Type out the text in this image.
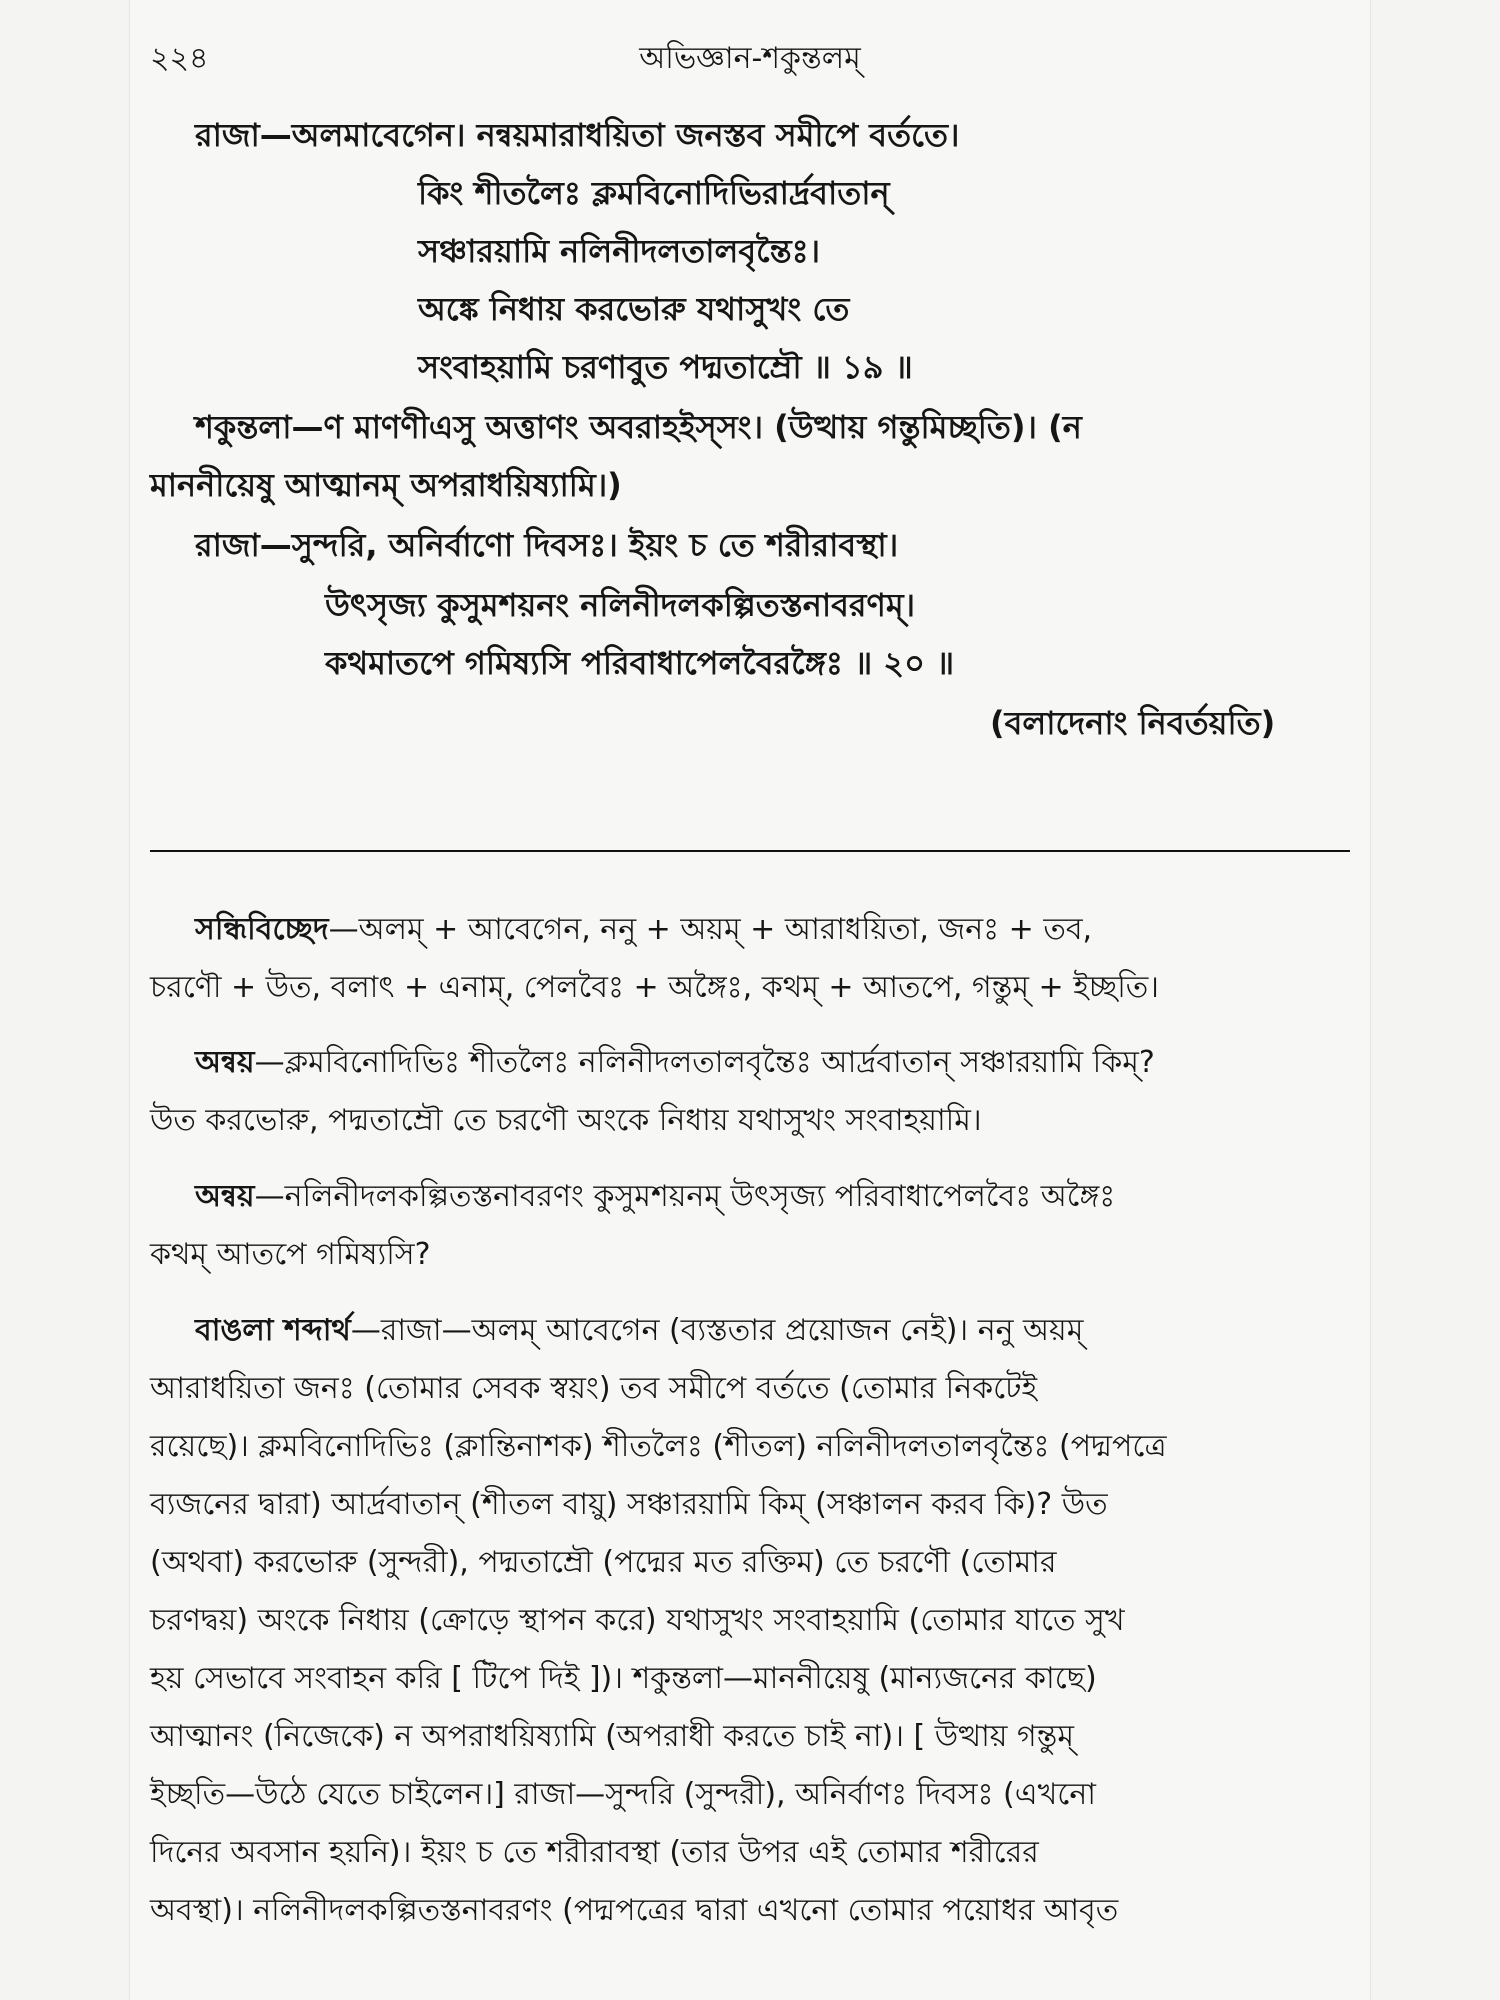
অভিজ্ঞান-শকুন্তলম্
২২৪
রাজা—অলমাবেগেন। নন্বয়মারাধয়িতা জনস্তব সমীপে বর্ততে।
কিং শীতলৈঃ ক্লমবিনোদিভিরার্দ্রবাতান্
সঞ্চারয়ামি নলিনীদলতালবৃন্তৈঃ।
অঙ্কে নিধায় করভোরু যথাসুখং তে
সংবাহয়ামি চরণাবুত পদ্মতাম্রৌ ॥ ১৯ ॥
শকুন্তলা—ণ মাণণীএসু অত্তাণং অবরাহইস্সং। (উত্থায় গন্তুমিচ্ছতি)। (ন
মাননীয়েষু আত্মানম্ অপরাধয়িষ্যামি।)
রাজা—সুন্দরি, অনির্বাণো দিবসঃ। ইয়ং চ তে শরীরাবস্থা।
উৎসৃজ্য কুসুমশয়নং নলিনীদলকল্পিতস্তনাবরণম্।
কথমাতপে গমিষ্যসি পরিবাধাপেলবৈরঙ্গৈঃ ॥ ২০ ॥
(বলাদেনাং নিবর্তয়তি)
সন্ধিবিচ্ছেদ—অলম্ + আবেগেন, ননু + অয়ম্ + আরাধয়িতা, জনঃ + তব,
চরণৌ + উত, বলাৎ + এনাম্, পেলবৈঃ + অঙ্গৈঃ, কথম্ + আতপে, গন্তুম্ + ইচ্ছতি।
অন্বয়—ক্লমবিনোদিভিঃ শীতলৈঃ নলিনীদলতালবৃন্তৈঃ আর্দ্রবাতান্ সঞ্চারয়ামি কিম্?
উত করভোরু, পদ্মতাম্রৌ তে চরণৌ অংকে নিধায় যথাসুখং সংবাহয়ামি।
অন্বয়—নলিনীদলকল্পিতস্তনাবরণং কুসুমশয়নম্ উৎসৃজ্য পরিবাধাপেলবৈঃ অঙ্গৈঃ
কথম্ আতপে গমিষ্যসি?
বাঙলা শব্দার্থ—রাজা—অলম্ আবেগেন (ব্যস্ততার প্রয়োজন নেই)। ননু অয়ম্
আরাধয়িতা জনঃ (তোমার সেবক স্বয়ং) তব সমীপে বর্ততে (তোমার নিকটেই
রয়েছে)। ক্লমবিনোদিভিঃ (ক্লান্তিনাশক) শীতলৈঃ (শীতল) নলিনীদলতালবৃন্তৈঃ (পদ্মপত্রে
ব্যজনের দ্বারা) আর্দ্রবাতান্ (শীতল বায়ু) সঞ্চারয়ামি কিম্ (সঞ্চালন করব কি)? উত
(অথবা) করভোরু (সুন্দরী), পদ্মতাম্রৌ (পদ্মের মত রক্তিম) তে চরণৌ (তোমার
চরণদ্বয়) অংকে নিধায় (ক্রোড়ে স্থাপন করে) যথাসুখং সংবাহয়ামি (তোমার যাতে সুখ
হয় সেভাবে সংবাহন করি [ টিপে দিই ])। শকুন্তলা—মাননীয়েষু (মান্যজনের কাছে)
আত্মানং (নিজেকে) ন অপরাধয়িষ্যামি (অপরাধী করতে চাই না)। [ উত্থায় গন্তুম্
ইচ্ছতি—উঠে যেতে চাইলেন।] রাজা—সুন্দরি (সুন্দরী), অনির্বাণঃ দিবসঃ (এখনো
দিনের অবসান হয়নি)। ইয়ং চ তে শরীরাবস্থা (তার উপর এই তোমার শরীরের
অবস্থা)। নলিনীদলকল্পিতস্তনাবরণং (পদ্মপত্রের দ্বারা এখনো তোমার পয়োধর আবৃত
